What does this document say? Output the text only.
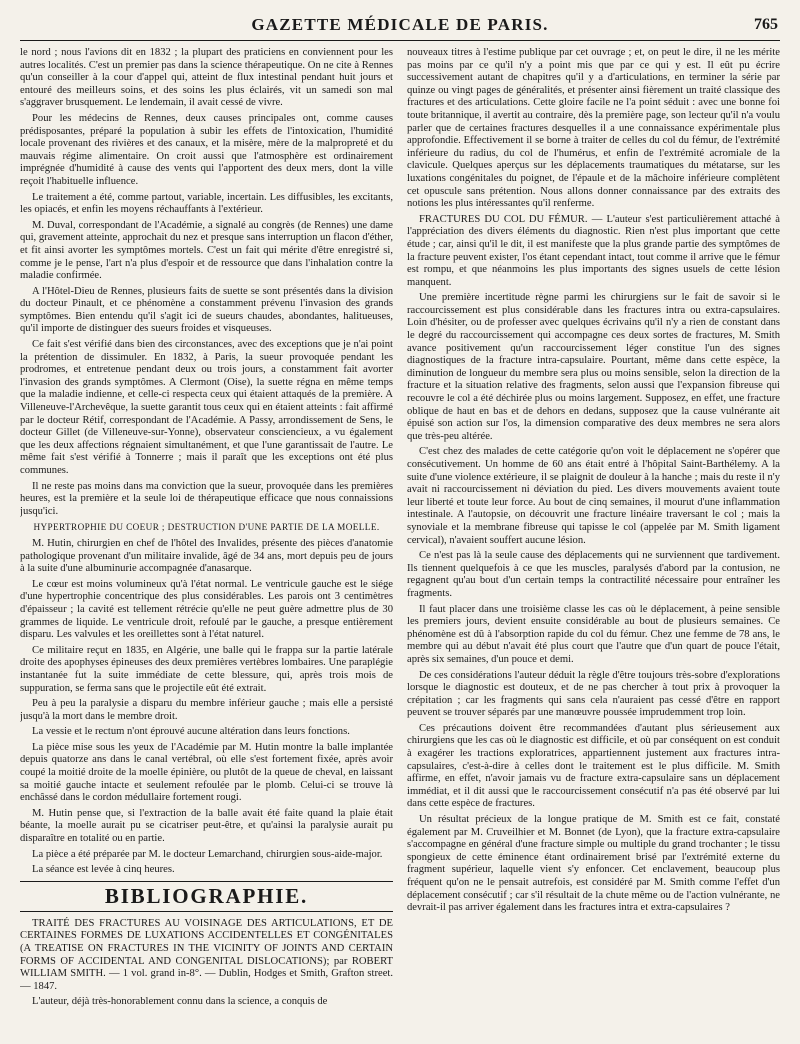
GAZETTE MÉDICALE DE PARIS.	765

le nord ; nous l'avions dit en 1832 ; la plupart des praticiens en conviennent pour les autres localités. C'est un premier pas dans la science thérapeutique. On ne cite à Rennes qu'un conseiller à la cour d'appel qui, atteint de flux intestinal pendant huit jours et entouré des meilleurs soins, et des soins les plus éclairés, vit un samedi son mal s'aggraver brusquement. Le lendemain, il avait cessé de vivre.

Pour les médecins de Rennes, deux causes principales ont, comme causes prédisposantes, préparé la population à subir les effets de l'intoxication, l'humidité locale provenant des rivières et des canaux, et la misère, mère de la malpropreté et du mauvais régime alimentaire. On croit aussi que l'atmosphère est ordinairement imprégnée d'humidité à cause des vents qui l'apportent des deux mers, dont la ville reçoit l'habituelle influence.

Le traitement a été, comme partout, variable, incertain. Les diffusibles, les excitants, les opiacés, et enfin les moyens réchauffants à l'extérieur.

M. Duval, correspondant de l'Académie, a signalé au congrès (de Rennes) une dame qui, gravement atteinte, approchait du nez et presque sans interruption un flacon d'éther, et fit ainsi avorter les symptômes mortels. C'est un fait qui mérite d'être enregistré si, comme je le pense, l'art n'a plus d'espoir et de ressource que dans l'inhalation contre la maladie confirmée.

A l'Hôtel-Dieu de Rennes, plusieurs faits de suette se sont présentés dans la division du docteur Pinault, et ce phénomène a constamment prévenu l'invasion des grands symptômes. Bien entendu qu'il s'agit ici de sueurs chaudes, abondantes, halitueuses, qu'il importe de distinguer des sueurs froides et visqueuses.

Ce fait s'est vérifié dans bien des circonstances, avec des exceptions que je n'ai point la prétention de dissimuler. En 1832, à Paris, la sueur provoquée pendant les prodromes, et entretenue pendant deux ou trois jours, a constamment fait avorter l'invasion des grands symptômes. A Clermont (Oise), la suette régna en même temps que la maladie indienne, et celle-ci respecta ceux qui étaient attaqués de la première. A Villeneuve-l'Archevêque, la suette garantit tous ceux qui en étaient atteints : fait affirmé par le docteur Rétif, correspondant de l'Académie. A Passy, arrondissement de Sens, le docteur Gillet (de Villeneuve-sur-Yonne), observateur consciencieux, a vu également que les deux affections régnaient simultanément, et que l'une garantissait de l'autre. Le même fait s'est vérifié à Tonnerre ; mais il paraît que les exceptions ont été plus communes.

Il ne reste pas moins dans ma conviction que la sueur, provoquée dans les premières heures, est la première et la seule loi de thérapeutique efficace que nous connaissions jusqu'ici.

HYPERTROPHIE DU COEUR ; DESTRUCTION D'UNE PARTIE DE LA MOELLE.

M. Hutin, chirurgien en chef de l'hôtel des Invalides, présente des pièces d'anatomie pathologique provenant d'un militaire invalide, âgé de 34 ans, mort depuis peu de jours à la suite d'une albuminurie accompagnée d'anasarque.

Le cœur est moins volumineux qu'à l'état normal. Le ventricule gauche est le siége d'une hypertrophie concentrique des plus considérables. Les parois ont 3 centimètres d'épaisseur ; la cavité est tellement rétrécie qu'elle ne peut guère admettre plus de 30 grammes de liquide. Le ventricule droit, refoulé par le gauche, a presque entièrement disparu. Les valvules et les oreillettes sont à l'état naturel.

Ce militaire reçut en 1835, en Algérie, une balle qui le frappa sur la partie latérale droite des apophyses épineuses des deux premières vertèbres lombaires. Une paraplégie instantanée fut la suite immédiate de cette blessure, qui, après trois mois de suppuration, se ferma sans que le projectile eût été extrait.

Peu à peu la paralysie a disparu du membre inférieur gauche ; mais elle a persisté jusqu'à la mort dans le membre droit.

La vessie et le rectum n'ont éprouvé aucune altération dans leurs fonctions.

La pièce mise sous les yeux de l'Académie par M. Hutin montre la balle implantée depuis quatorze ans dans le canal vertébral, où elle s'est fortement fixée, après avoir coupé la moitié droite de la moelle épinière, ou plutôt de la queue de cheval, en laissant sa moitié gauche intacte et seulement refoulée par le plomb. Celui-ci se trouve là enchâssé dans le cordon médullaire fortement rougi.

M. Hutin pense que, si l'extraction de la balle avait été faite quand la plaie était béante, la moelle aurait pu se cicatriser peut-être, et qu'ainsi la paralysie aurait pu disparaître en totalité ou en partie.

La pièce a été préparée par M. le docteur Lemarchand, chirurgien sous-aide-major.

La séance est levée à cinq heures.

BIBLIOGRAPHIE.

TRAITÉ DES FRACTURES AU VOISINAGE DES ARTICULATIONS, ET DE CERTAINES FORMES DE LUXATIONS ACCIDENTELLES ET CONGÉNITALES (A TREATISE ON FRACTURES IN THE VICINITY OF JOINTS AND CERTAIN FORMS OF ACCIDENTAL AND CONGENITAL DISLOCATIONS); par ROBERT WILLIAM SMITH. — 1 vol. grand in-8°. — Dublin, Hodges et Smith, Grafton street. — 1847.

L'auteur, déjà très-honorablement connu dans la science, a conquis de

nouveaux titres à l'estime publique par cet ouvrage ; et, on peut le dire, il ne les mérite pas moins par ce qu'il n'y a point mis que par ce qui y est. Il eût pu écrire successivement autant de chapitres qu'il y a d'articulations, en terminer la série par quinze ou vingt pages de généralités, et présenter ainsi fièrement un traité classique des fractures et des articulations. Cette gloire facile ne l'a point séduit : avec une bonne foi toute britannique, il avertit au contraire, dès la première page, son lecteur qu'il n'a voulu parler que de certaines fractures desquelles il a une connaissance expérimentale plus approfondie. Effectivement il se borne à traiter de celles du col du fémur, de l'extrémité inférieure du radius, du col de l'humérus, et enfin de l'extrémité acromiale de la clavicule. Quelques aperçus sur les déplacements traumatiques du métatarse, sur les luxations congénitales du poignet, de l'épaule et de la mâchoire inférieure complètent cet opuscule sans prétention. Nous allons donner connaissance par des extraits des notions les plus intéressantes qu'il renferme.

FRACTURES DU COL DU FÉMUR. — L'auteur s'est particulièrement attaché à l'appréciation des divers éléments du diagnostic. Rien n'est plus important que cette étude ; car, ainsi qu'il le dit, il est manifeste que la plus grande partie des symptômes de la fracture peuvent exister, l'os étant cependant intact, tout comme il arrive que le fémur est rompu, et que néanmoins les plus importants des signes usuels de cette lésion manquent.

Une première incertitude règne parmi les chirurgiens sur le fait de savoir si le raccourcissement est plus considérable dans les fractures intra ou extra-capsulaires. Loin d'hésiter, ou de professer avec quelques écrivains qu'il n'y a rien de constant dans le degré du raccourcissement qui accompagne ces deux sortes de fractures, M. Smith avance positivement qu'un raccourcissement léger constitue l'un des signes diagnostiques de la fracture intra-capsulaire. Pourtant, même dans cette espèce, la diminution de longueur du membre sera plus ou moins sensible, selon la direction de la fracture et la situation relative des fragments, selon aussi que l'expansion fibreuse qui recouvre le col a été déchirée plus ou moins largement. Supposez, en effet, une fracture oblique de haut en bas et de dehors en dedans, supposez que la cause vulnérante ait épuisé son action sur l'os, la dimension comparative des deux membres ne sera alors que très-peu altérée.

C'est chez des malades de cette catégorie qu'on voit le déplacement ne s'opérer que consécutivement. Un homme de 60 ans était entré à l'hôpital Saint-Barthélemy. A la suite d'une violence extérieure, il se plaignit de douleur à la hanche ; mais du reste il n'y avait ni raccourcissement ni déviation du pied. Les divers mouvements avaient toute leur liberté et toute leur force. Au bout de cinq semaines, il mourut d'une inflammation intestinale. A l'autopsie, on découvrit une fracture linéaire traversant le col ; mais la synoviale et la membrane fibreuse qui tapisse le col (appelée par M. Smith ligament cervical), n'avaient souffert aucune lésion.

Ce n'est pas là la seule cause des déplacements qui ne surviennent que tardivement. Ils tiennent quelquefois à ce que les muscles, paralysés d'abord par la contusion, ne regagnent qu'au bout d'un certain temps la contractilité nécessaire pour entraîner les fragments.

Il faut placer dans une troisième classe les cas où le déplacement, à peine sensible les premiers jours, devient ensuite considérable au bout de plusieurs semaines. Ce phénomène est dû à l'absorption rapide du col du fémur. Chez une femme de 78 ans, le membre qui au début n'avait été plus court que l'autre que d'un quart de pouce l'était, après six semaines, d'un pouce et demi.

De ces considérations l'auteur déduit la règle d'être toujours très-sobre d'explorations lorsque le diagnostic est douteux, et de ne pas chercher à tout prix à provoquer la crépitation ; car les fragments qui sans cela n'auraient pas cessé d'être en rapport peuvent se trouver séparés par une manœuvre poussée imprudemment trop loin.

Ces précautions doivent être recommandées d'autant plus sérieusement aux chirurgiens que les cas où le diagnostic est difficile, et où par conséquent on est conduit à exagérer les tractions exploratrices, appartiennent justement aux fractures intra-capsulaires, c'est-à-dire à celles dont le traitement est le plus difficile. M. Smith affirme, en effet, n'avoir jamais vu de fracture extra-capsulaire sans un déplacement immédiat, et il dit aussi que le raccourcissement consécutif n'a pas été observé par lui dans cette espèce de fractures.

Un résultat précieux de la longue pratique de M. Smith est ce fait, constaté également par M. Cruveilhier et M. Bonnet (de Lyon), que la fracture extra-capsulaire s'accompagne en général d'une fracture simple ou multiple du grand trochanter ; le tissu spongieux de cette éminence étant ordinairement brisé par l'extrémité externe du fragment supérieur, laquelle vient s'y enfoncer. Cet enclavement, beaucoup plus fréquent qu'on ne le pensait autrefois, est considéré par M. Smith comme l'effet d'un déplacement consécutif ; car s'il résultait de la chute même ou de l'action vulnérante, ne devrait-il pas arriver également dans les fractures intra et extra-capsulaires ?
